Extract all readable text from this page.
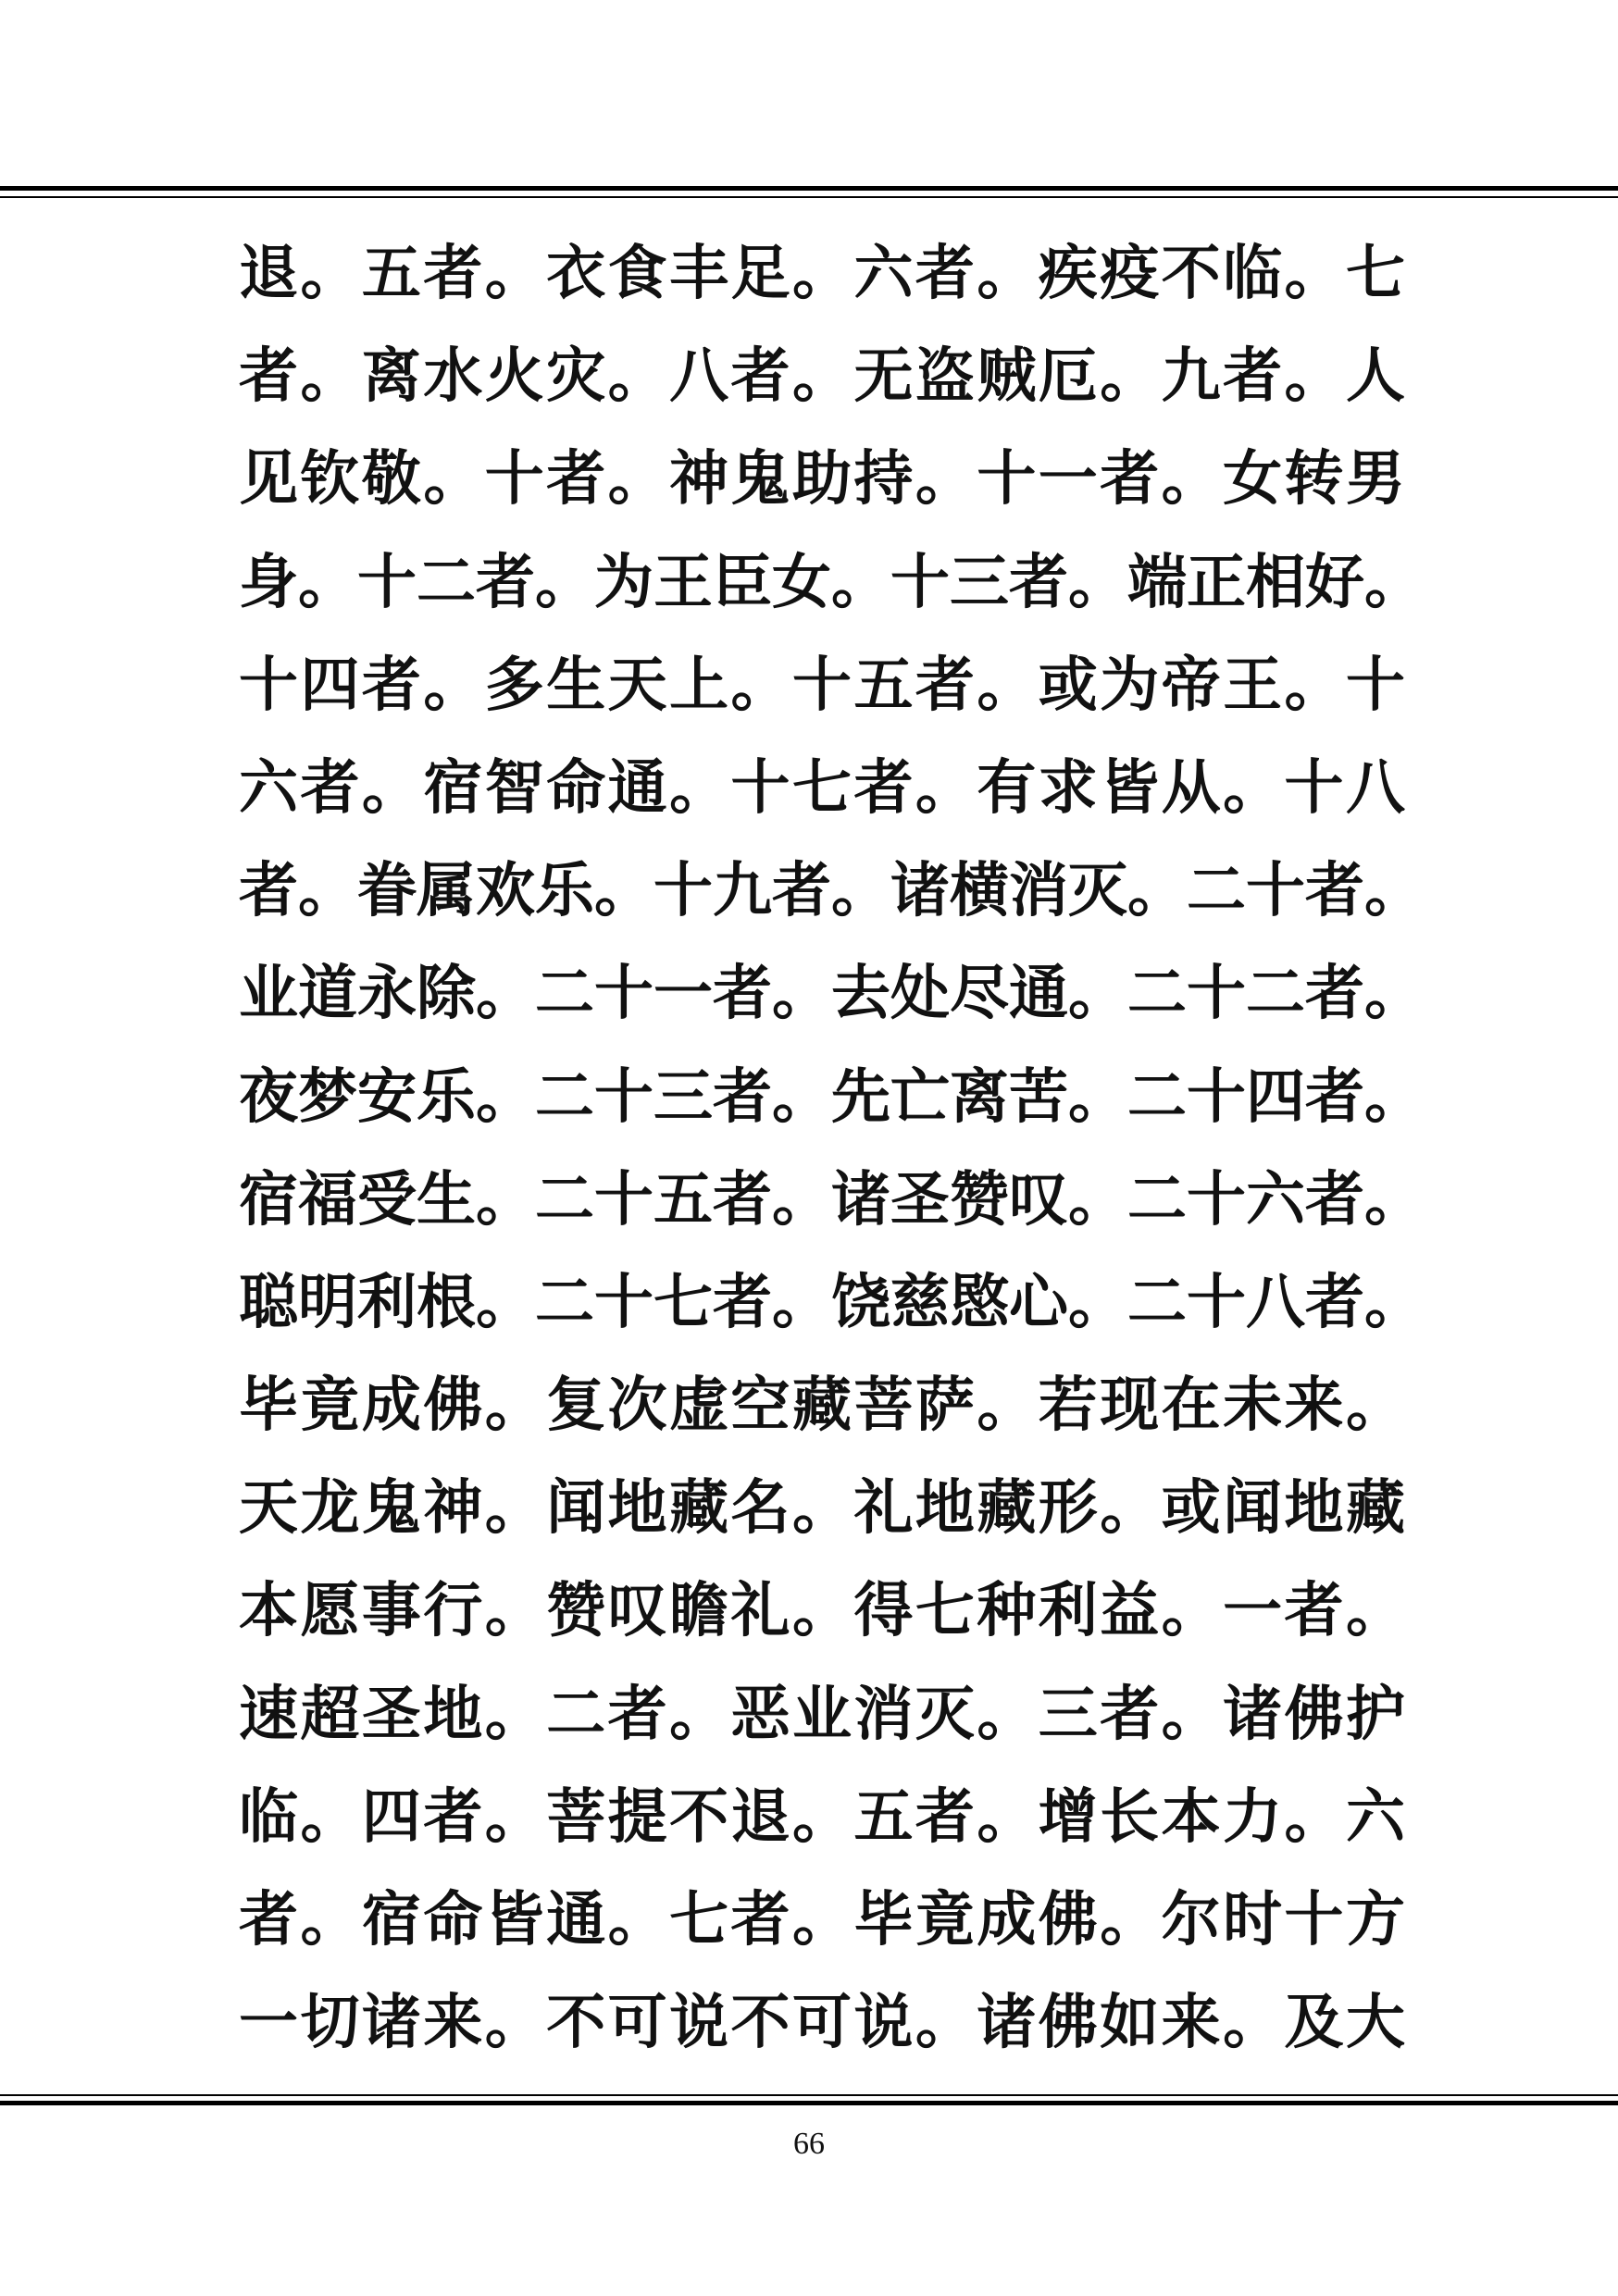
退。五者。衣食丰足。六者。疾疫不临。七
者。离水火灾。八者。无盗贼厄。九者。人
见钦敬。十者。神鬼助持。十一者。女转男
身。十二者。为王臣女。十三者。端正相好。
十四者。多生天上。十五者。或为帝王。十
六者。宿智命通。十七者。有求皆从。十八
者。眷属欢乐。十九者。诸横消灭。二十者。
业道永除。二十一者。去处尽通。二十二者。
夜梦安乐。二十三者。先亡离苦。二十四者。
宿福受生。二十五者。诸圣赞叹。二十六者。
聪明利根。二十七者。饶慈愍心。二十八者。
毕竟成佛。复次虚空藏菩萨。若现在未来。
天龙鬼神。闻地藏名。礼地藏形。或闻地藏
本愿事行。赞叹瞻礼。得七种利益。一者。
速超圣地。二者。恶业消灭。三者。诸佛护
临。四者。菩提不退。五者。增长本力。六
者。宿命皆通。七者。毕竟成佛。尔时十方
一切诸来。不可说不可说。诸佛如来。及大
66
